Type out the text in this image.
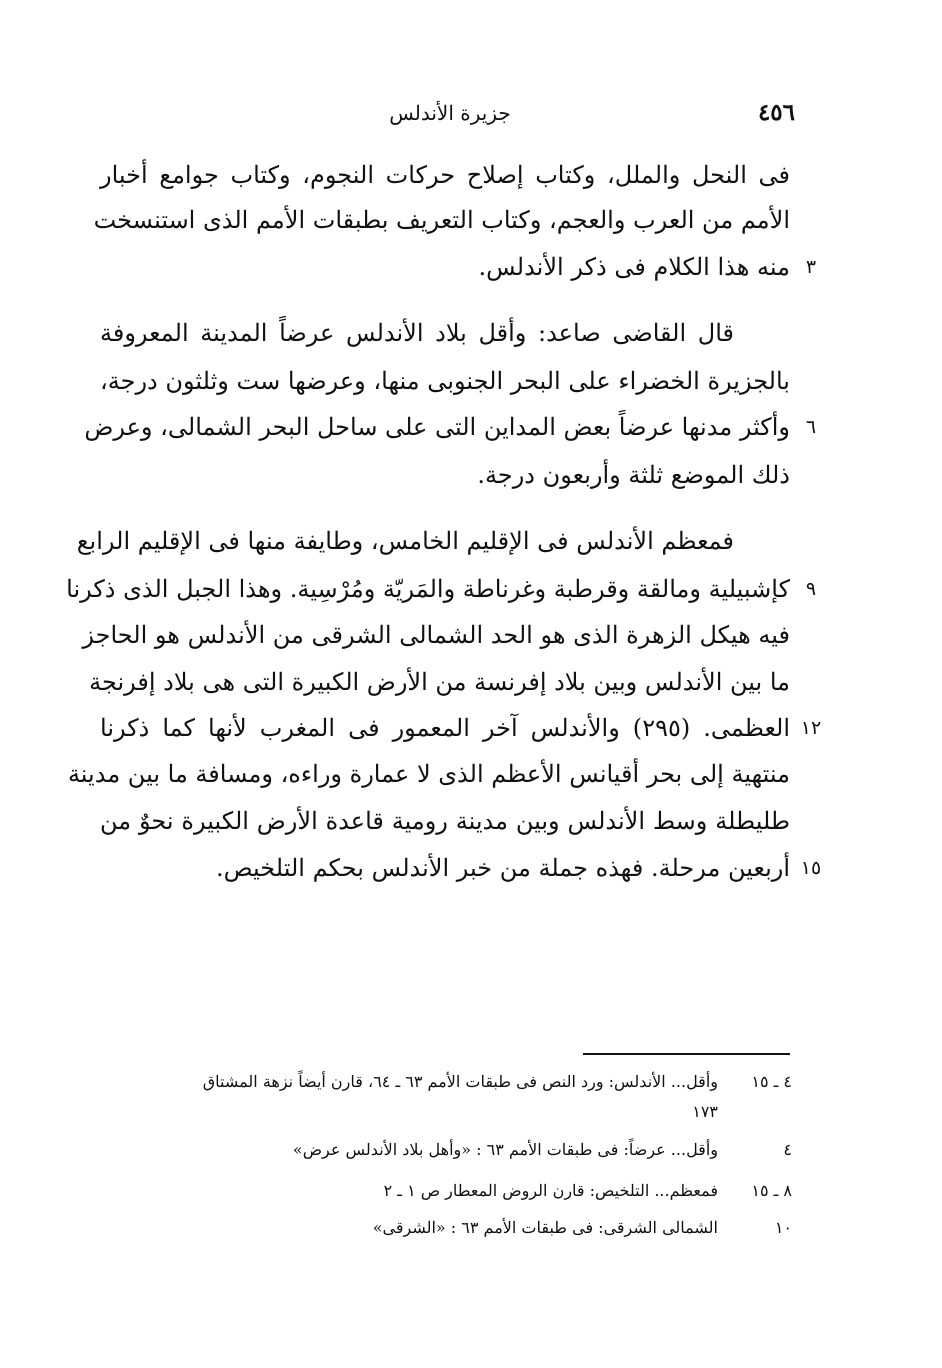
٤٥٦
جزيرة الأندلس
فى النحل والملل، وكتاب إصلاح حركات النجوم، وكتاب جوامع أخبار
الأمم من العرب والعجم، وكتاب التعريف بطبقات الأمم الذى استنسخت
منه هذا الكلام فى ذكر الأندلس. ٣
قال القاضى صاعد: وأقل بلاد الأندلس عرضاً المدينة المعروفة
بالجزيرة الخضراء على البحر الجنوبى منها، وعرضها ست وثلثون درجة،
وأكثر مدنها عرضاً بعض المداين التى على ساحل البحر الشمالى، وعرض ٦
ذلك الموضع ثلثة وأربعون درجة.
فمعظم الأندلس فى الإقليم الخامس، وطايفة منها فى الإقليم الرابع
كإشبيلية ومالقة وقرطبة وغرناطة والمَريّة ومُرْسِية. وهذا الجبل الذى ذكرنا ٩
فيه هيكل الزهرة الذى هو الحد الشمالى الشرقى من الأندلس هو الحاجز
ما بين الأندلس وبين بلاد إفرنسة من الأرض الكبيرة التى هى بلاد إفرنجة
العظمى. (٢٩٥) والأندلس آخر المعمور فى المغرب لأنها كما ذكرنا ١٢
منتهية إلى بحر أقيانس الأعظم الذى لا عمارة وراءه، ومسافة ما بين مدينة
طليطلة وسط الأندلس وبين مدينة رومية قاعدة الأرض الكبيرة نحوٌ من
أربعين مرحلة. فهذه جملة من خبر الأندلس بحكم التلخيص. ١٥
٤ ـ ١٥
وأقل... الأندلس: ورد النص فى طبقات الأمم ٦٣ ـ ٦٤، قارن أيضاً نزهة المشتاق
١٧٣
٤
وأقل... عرضاً: فى طبقات الأمم ٦٣ : «وأهل بلاد الأندلس عرض»
٨ ـ ١٥
فمعظم... التلخيص: قارن الروض المعطار ص ١ ـ ٢
١٠
الشمالى الشرقى: فى طبقات الأمم ٦٣ : «الشرقى»
